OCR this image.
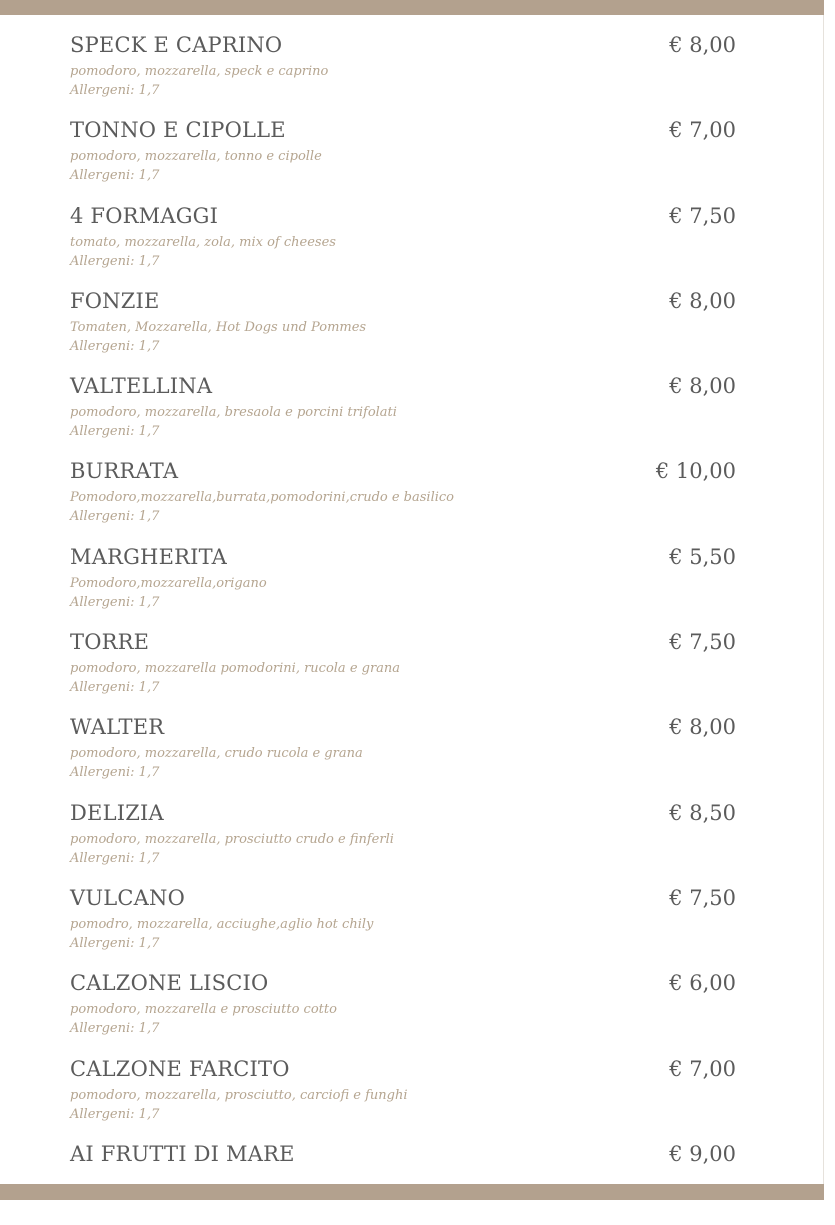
SPECK E CAPRINO	€ 8,00
pomodoro, mozzarella, speck e caprino
Allergeni: 1,7
TONNO E CIPOLLE	€ 7,00
pomodoro, mozzarella, tonno e cipolle
Allergeni: 1,7
4 FORMAGGI	€ 7,50
tomato, mozzarella, zola, mix of cheeses
Allergeni: 1,7
FONZIE	€ 8,00
Tomaten, Mozzarella, Hot Dogs und Pommes
Allergeni: 1,7
VALTELLINA	€ 8,00
pomodoro, mozzarella, bresaola e porcini trifolati
Allergeni: 1,7
BURRATA	€ 10,00
Pomodoro,mozzarella,burrata,pomodorini,crudo e basilico
Allergeni: 1,7
MARGHERITA	€ 5,50
Pomodoro,mozzarella,origano
Allergeni: 1,7
TORRE	€ 7,50
pomodoro, mozzarella pomodorini, rucola e grana
Allergeni: 1,7
WALTER	€ 8,00
pomodoro, mozzarella, crudo rucola e grana
Allergeni: 1,7
DELIZIA	€ 8,50
pomodoro, mozzarella, prosciutto crudo e finferli
Allergeni: 1,7
VULCANO	€ 7,50
pomodro, mozzarella, acciughe,aglio hot chily
Allergeni: 1,7
CALZONE LISCIO	€ 6,00
pomodoro, mozzarella e prosciutto cotto
Allergeni: 1,7
CALZONE FARCITO	€ 7,00
pomodoro, mozzarella, prosciutto, carciofi e funghi
Allergeni: 1,7
AI FRUTTI DI MARE	€ 9,00
